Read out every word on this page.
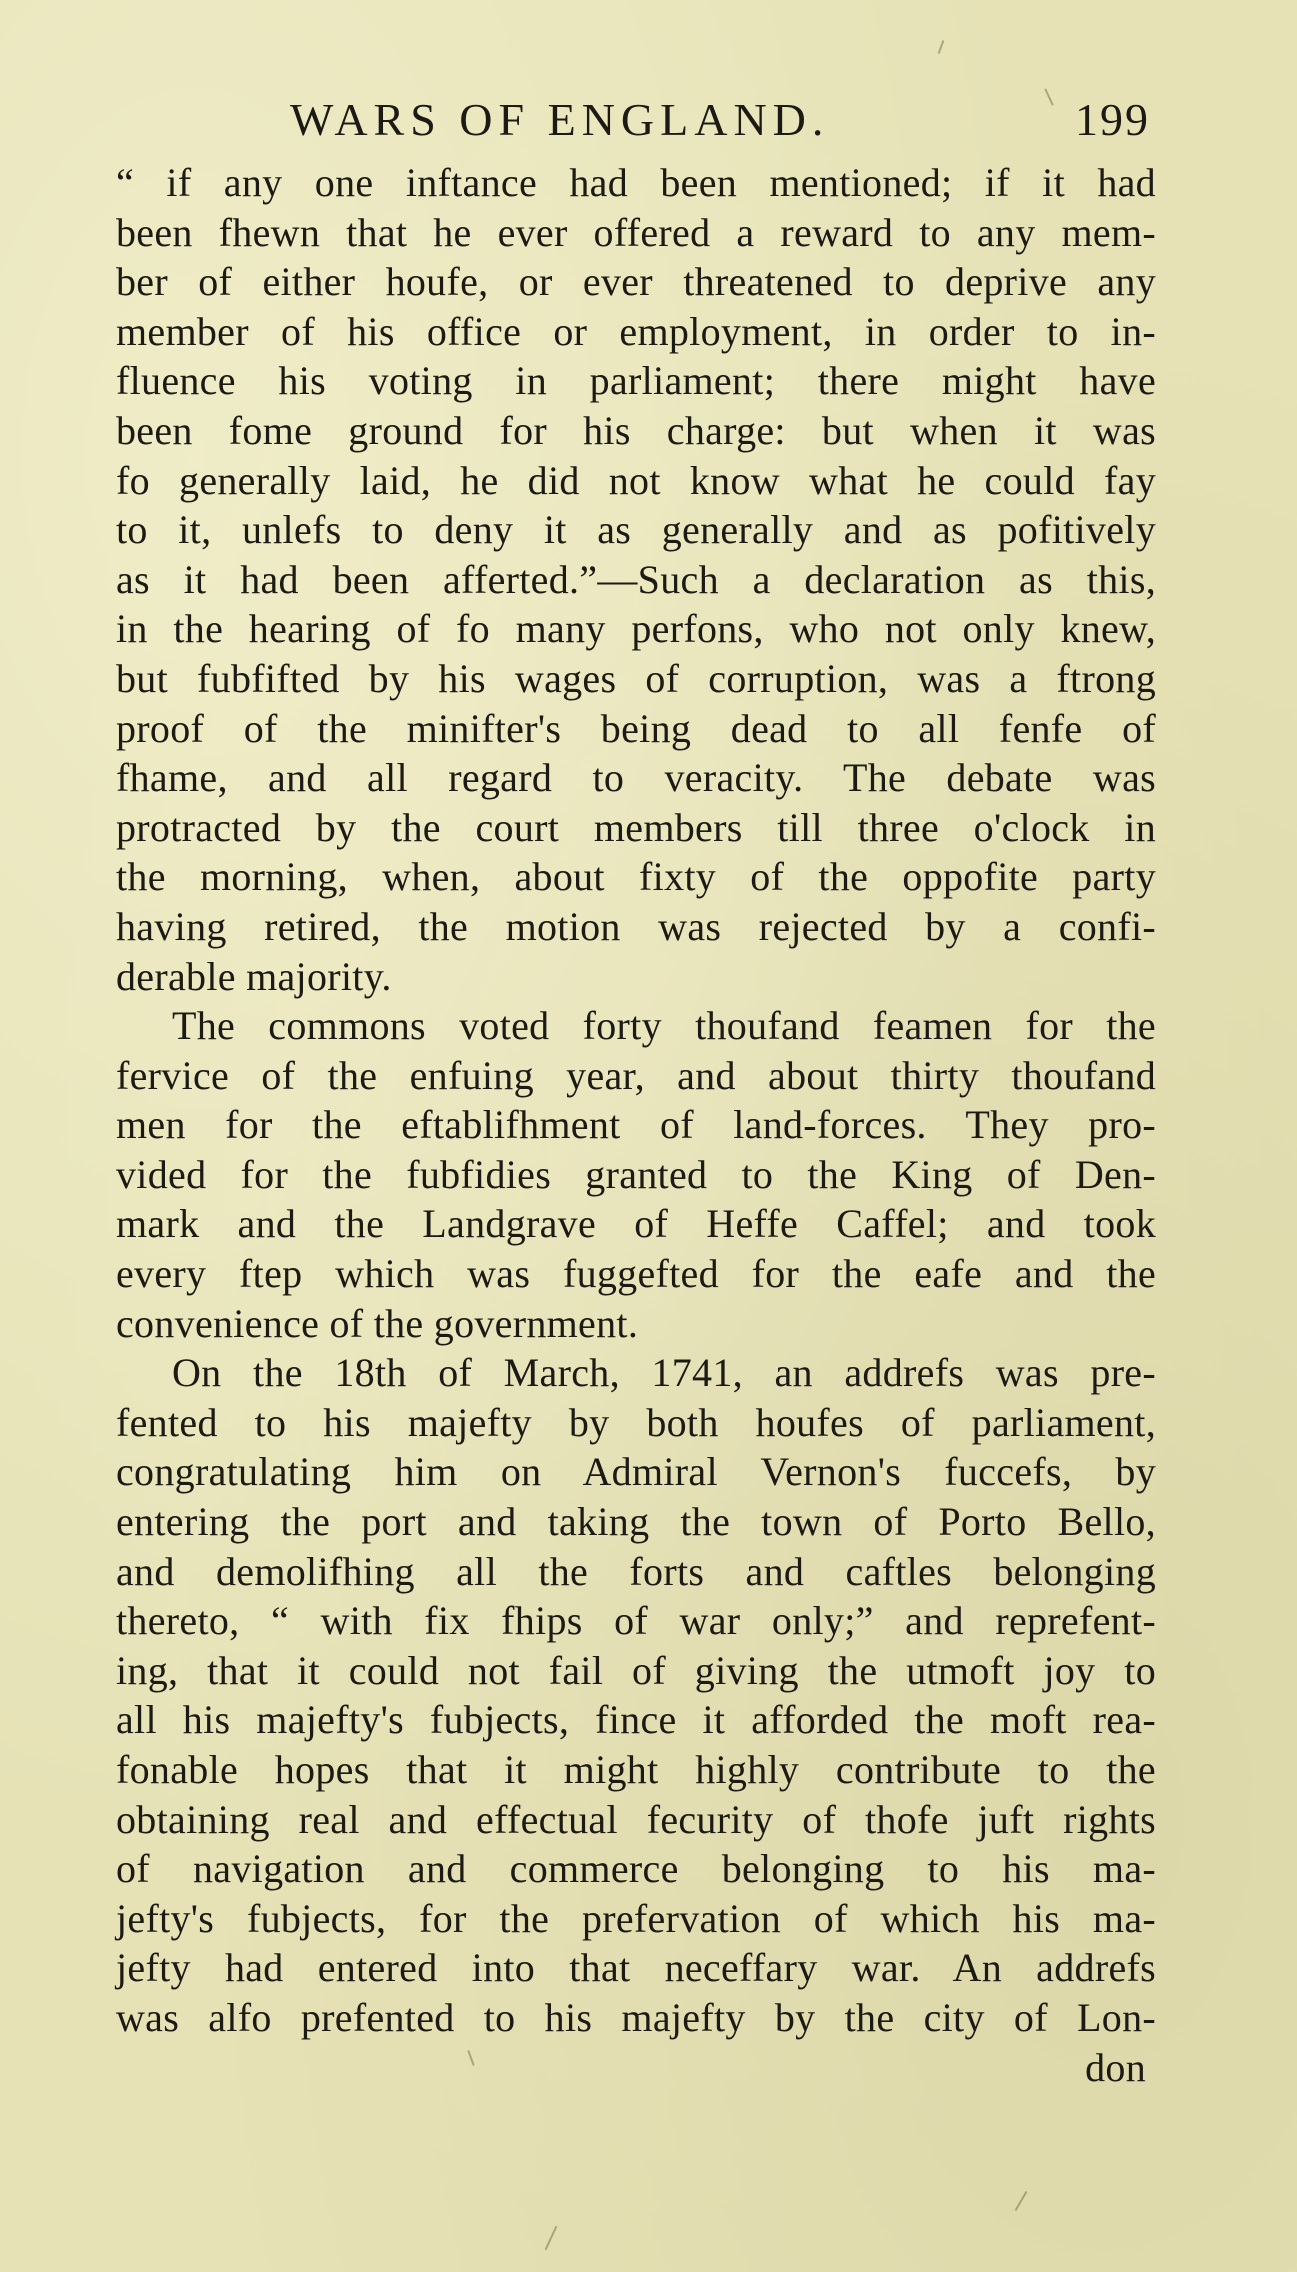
WARS OF ENGLAND.	199
“ if any one inftance had been mentioned; if it had
been fhewn that he ever offered a reward to any mem-
ber of either houfe, or ever threatened to deprive any
member of his office or employment, in order to in-
fluence his voting in parliament; there might have
been fome ground for his charge: but when it was
fo generally laid, he did not know what he could fay
to it, unlefs to deny it as generally and as pofitively
as it had been afferted.”—Such a declaration as this,
in the hearing of fo many perfons, who not only knew,
but fubfifted by his wages of corruption, was a ftrong
proof of the minifter's being dead to all fenfe of
fhame, and all regard to veracity. The debate was
protracted by the court members till three o'clock in
the morning, when, about fixty of the oppofite party
having retired, the motion was rejected by a confi-
derable majority.
The commons voted forty thoufand feamen for the
fervice of the enfuing year, and about thirty thoufand
men for the eftablifhment of land-forces. They pro-
vided for the fubfidies granted to the King of Den-
mark and the Landgrave of Heffe Caffel; and took
every ftep which was fuggefted for the eafe and the
convenience of the government.
On the 18th of March, 1741, an addrefs was pre-
fented to his majefty by both houfes of parliament,
congratulating him on Admiral Vernon's fuccefs, by
entering the port and taking the town of Porto Bello,
and demolifhing all the forts and caftles belonging
thereto, “ with fix fhips of war only;” and reprefent-
ing, that it could not fail of giving the utmoft joy to
all his majefty's fubjects, fince it afforded the moft rea-
fonable hopes that it might highly contribute to the
obtaining real and effectual fecurity of thofe juft rights
of navigation and commerce belonging to his ma-
jefty's fubjects, for the prefervation of which his ma-
jefty had entered into that neceffary war. An addrefs
was alfo prefented to his majefty by the city of Lon-
don
